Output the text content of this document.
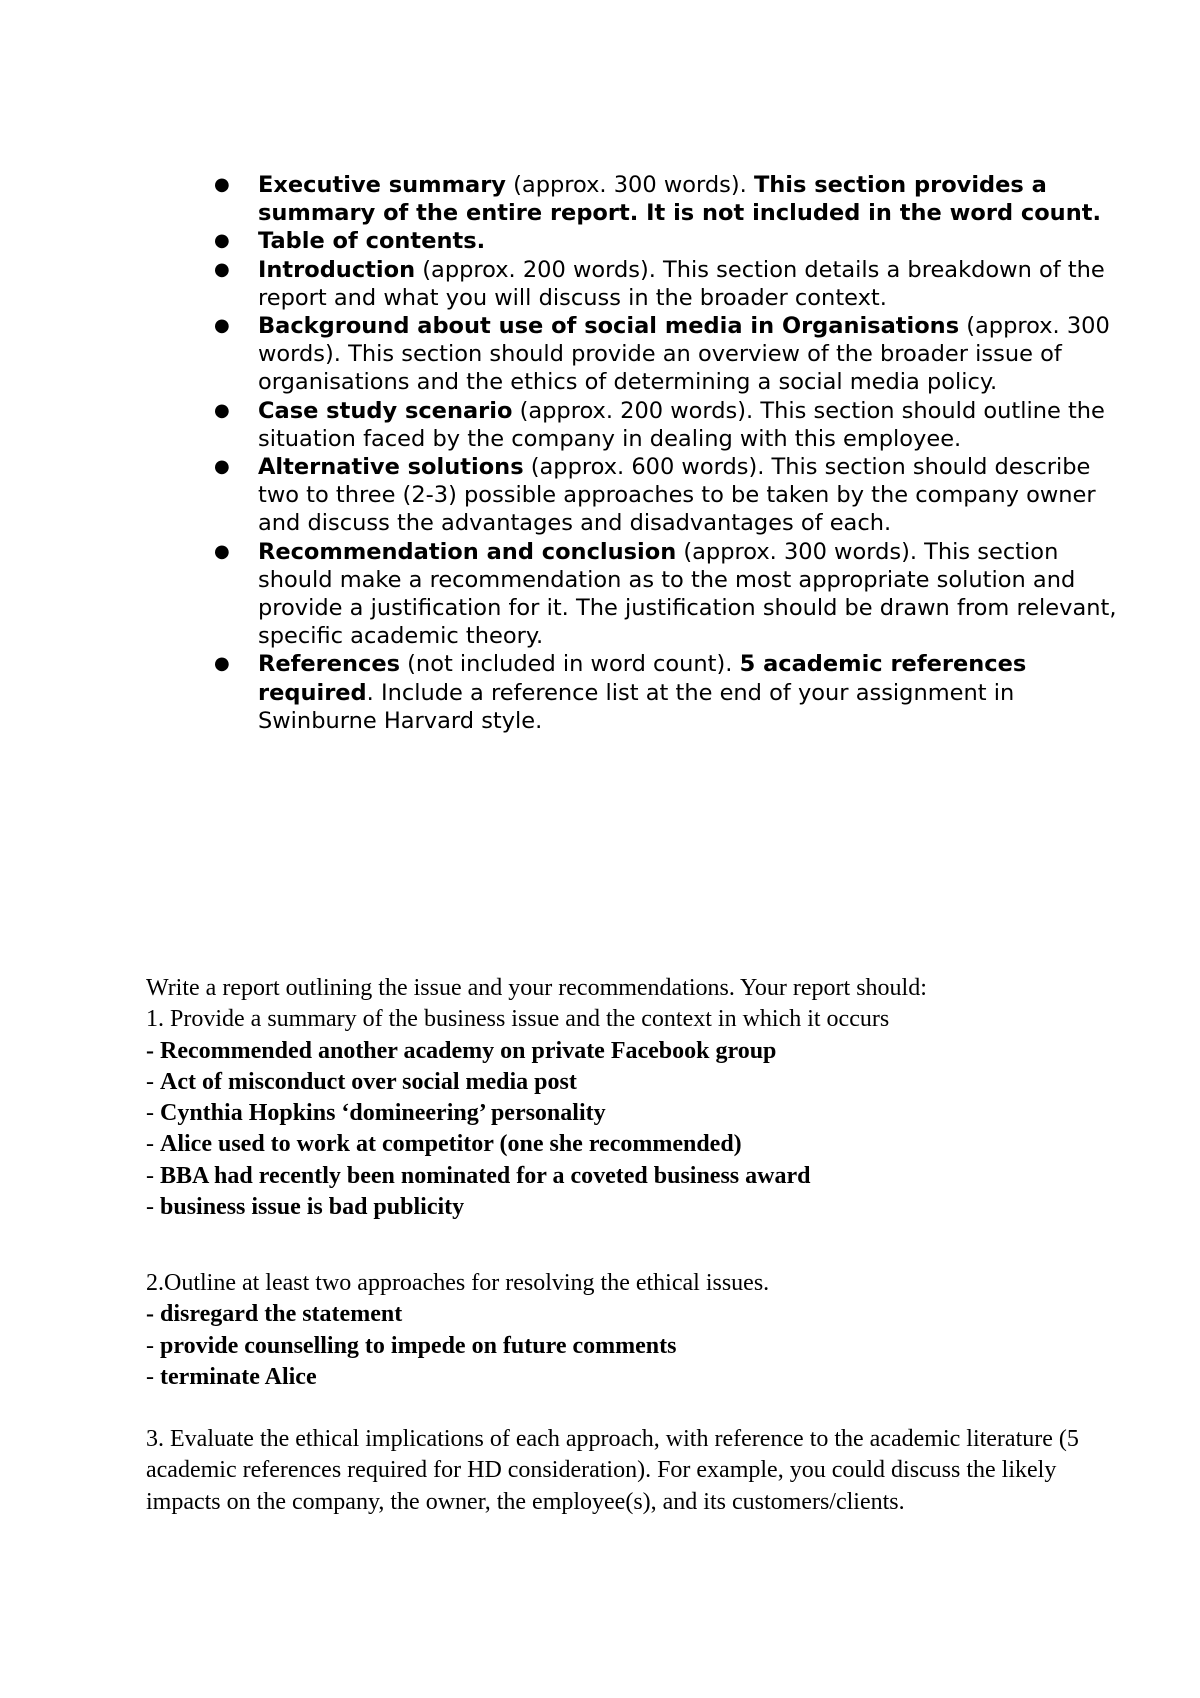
● Executive summary (approx. 300 words). This section provides a summary of the entire report. It is not included in the word count.
● Table of contents.
● Introduction (approx. 200 words). This section details a breakdown of the report and what you will discuss in the broader context.
● Background about use of social media in Organisations (approx. 300 words). This section should provide an overview of the broader issue of organisations and the ethics of determining a social media policy.
● Case study scenario (approx. 200 words). This section should outline the situation faced by the company in dealing with this employee.
● Alternative solutions (approx. 600 words). This section should describe two to three (2-3) possible approaches to be taken by the company owner and discuss the advantages and disadvantages of each.
● Recommendation and conclusion (approx. 300 words). This section should make a recommendation as to the most appropriate solution and provide a justification for it. The justification should be drawn from relevant, specific academic theory.
● References (not included in word count). 5 academic references required. Include a reference list at the end of your assignment in Swinburne Harvard style.

Write a report outlining the issue and your recommendations. Your report should:

1. Provide a summary of the business issue and the context in which it occurs

- Recommended another academy on private Facebook group

- Act of misconduct over social media post

- Cynthia Hopkins ‘domineering’ personality

- Alice used to work at competitor (one she recommended)

- BBA had recently been nominated for a coveted business award

- business issue is bad publicity

2.Outline at least two approaches for resolving the ethical issues.

- disregard the statement

- provide counselling to impede on future comments

- terminate Alice

3. Evaluate the ethical implications of each approach, with reference to the academic literature (5 academic references required for HD consideration). For example, you could discuss the likely impacts on the company, the owner, the employee(s), and its customers/clients.
